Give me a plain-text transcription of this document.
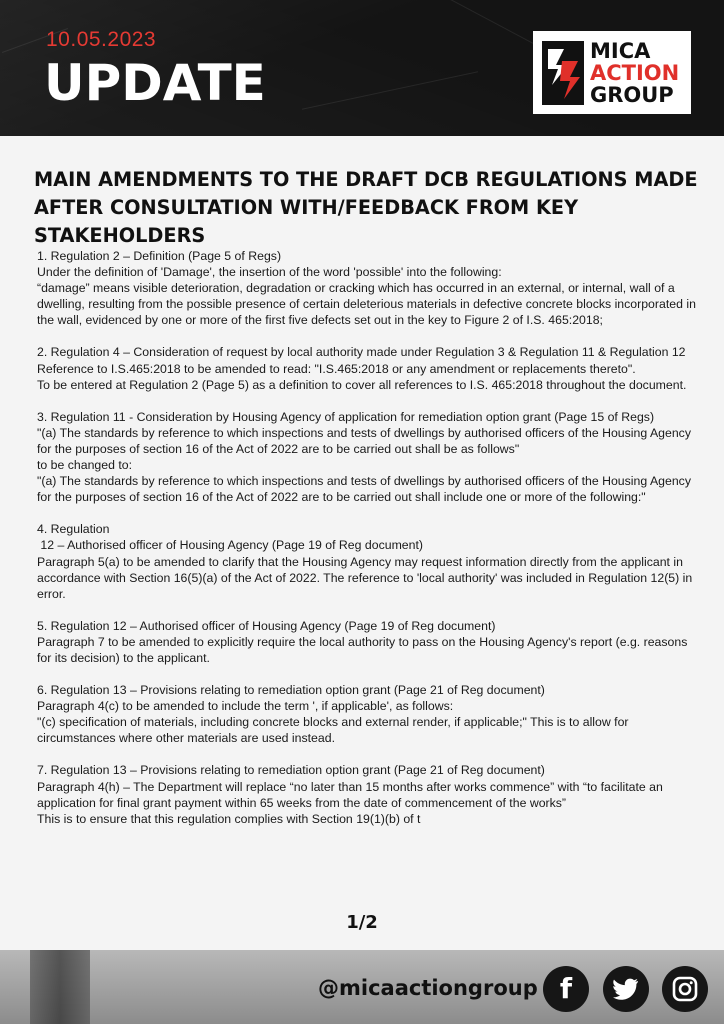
10.05.2023
UPDATE
MICA
ACTION
GROUP
MAIN AMENDMENTS TO THE DRAFT DCB REGULATIONS MADE AFTER CONSULTATION WITH/FEEDBACK FROM KEY STAKEHOLDERS

1. Regulation 2 – Definition (Page 5 of Regs)

Under the definition of 'Damage', the insertion of the word 'possible' into the following:

“damage” means visible deterioration, degradation or cracking which has occurred in an external, or internal, wall of a dwelling, resulting from the possible presence of certain deleterious materials in defective concrete blocks incorporated in the wall, evidenced by one or more of the first five defects set out in the key to Figure 2 of I.S. 465:2018;

2. Regulation 4 – Consideration of request by local authority made under Regulation 3 & Regulation 11 & Regulation 12

Reference to I.S.465:2018 to be amended to read: "I.S.465:2018 or any amendment or replacements thereto".

To be entered at Regulation 2 (Page 5) as a definition to cover all references to I.S. 465:2018 throughout the document.

3. Regulation 11 - Consideration by Housing Agency of application for remediation option grant (Page 15 of Regs)

"(a) The standards by reference to which inspections and tests of dwellings by authorised officers of the Housing Agency for the purposes of section 16 of the Act of 2022 are to be carried out shall be as follows"

to be changed to:

"(a) The standards by reference to which inspections and tests of dwellings by authorised officers of the Housing Agency for the purposes of section 16 of the Act of 2022 are to be carried out shall include one or more of the following:"

4. Regulation

12 – Authorised officer of Housing Agency (Page 19 of Reg document)

Paragraph 5(a) to be amended to clarify that the Housing Agency may request information directly from the applicant in accordance with Section 16(5)(a) of the Act of 2022. The reference to 'local authority' was included in Regulation 12(5) in error.

5. Regulation 12 – Authorised officer of Housing Agency (Page 19 of Reg document)

Paragraph 7 to be amended to explicitly require the local authority to pass on the Housing Agency's report (e.g. reasons for its decision) to the applicant.

6. Regulation 13 – Provisions relating to remediation option grant (Page 21 of Reg document)

Paragraph 4(c) to be amended to include the term ', if applicable', as follows:

"(c) specification of materials, including concrete blocks and external render, if applicable;" This is to allow for circumstances where other materials are used instead.

7. Regulation 13 – Provisions relating to remediation option grant (Page 21 of Reg document)

Paragraph 4(h) – The Department will replace “no later than 15 months after works commence” with “to facilitate an application for final grant payment within 65 weeks from the date of commencement of the works”

This is to ensure that this regulation complies with Section 19(1)(b) of t

1/2
@micaactiongroup f
